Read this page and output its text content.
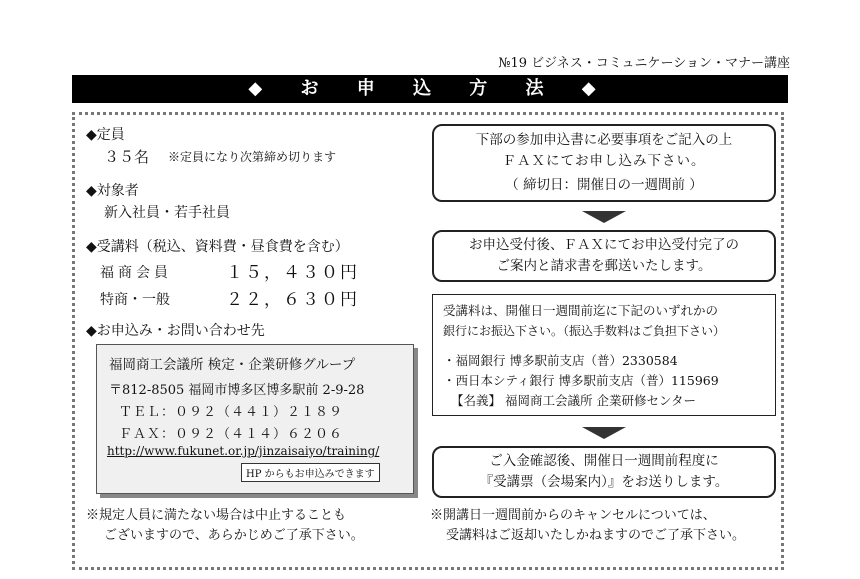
№19 ビジネス・コミュニケーション・マナー講座
◆ お 申 込 方 法 ◆
◆定員
３５名 ※定員になり次第締め切ります
◆対象者
新入社員・若手社員
◆受講料（税込、資料費・昼食費を含む）
福商会員	１５，４３０円
特商・一般	２２，６３０円
◆お申込み・お問い合わせ先
福岡商工会議所 検定・企業研修グループ
〒812-8505 福岡市博多区博多駅前 2-9-28
ＴＥＬ：０９２（４４１）２１８９
ＦＡＸ：０９２（４１４）６２０６
http://www.fukunet.or.jp/jinzaisaiyo/training/
HP からもお申込みできます
※規定人員に満たない場合は中止することも
ございますので、あらかじめご了承下さい。
下部の参加申込書に必要事項をご記入の上
ＦＡＸにてお申し込み下さい。
（ 締切日：開催日の一週間前 ）
お申込受付後、ＦＡＸにてお申込受付完了の
ご案内と請求書を郵送いたします。
受講料は、開催日一週間前迄に下記のいずれかの
銀行にお振込下さい。（振込手数料はご負担下さい）
・福岡銀行 博多駅前支店（普）2330584
・西日本シティ銀行 博多駅前支店（普）115969
【名義】 福岡商工会議所 企業研修センター
ご入金確認後、開催日一週間前程度に
『受講票（会場案内）』をお送りします。
※開講日一週間前からのキャンセルについては、
受講料はご返却いたしかねますのでご了承下さい。
